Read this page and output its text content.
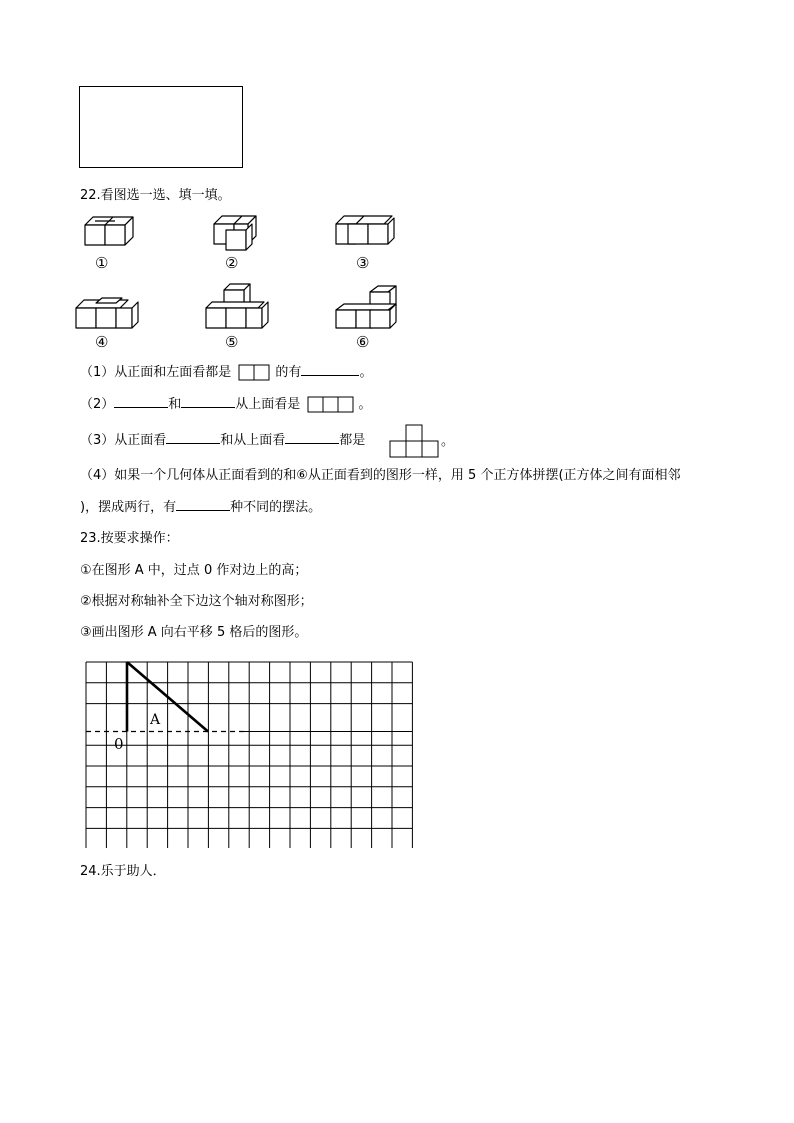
22.看图选一选、填一填。
①	②	③
④	⑤	⑥
（1）从正面和左面看都是	的有	。
（2）	和	从上面看是	。
（3）从正面看	和从上面看	都是	。
（4）如果一个几何体从正面看到的和⑥从正面看到的图形一样，用 5 个正方体拼摆(正方体之间有面相邻
)，摆成两行，有	种不同的摆法。
23.按要求操作：
①在图形 A 中，过点 0 作对边上的高；
②根据对称轴补全下边这个轴对称图形；
③画出图形 A 向右平移 5 格后的图形。
A
0
24.乐于助人．
